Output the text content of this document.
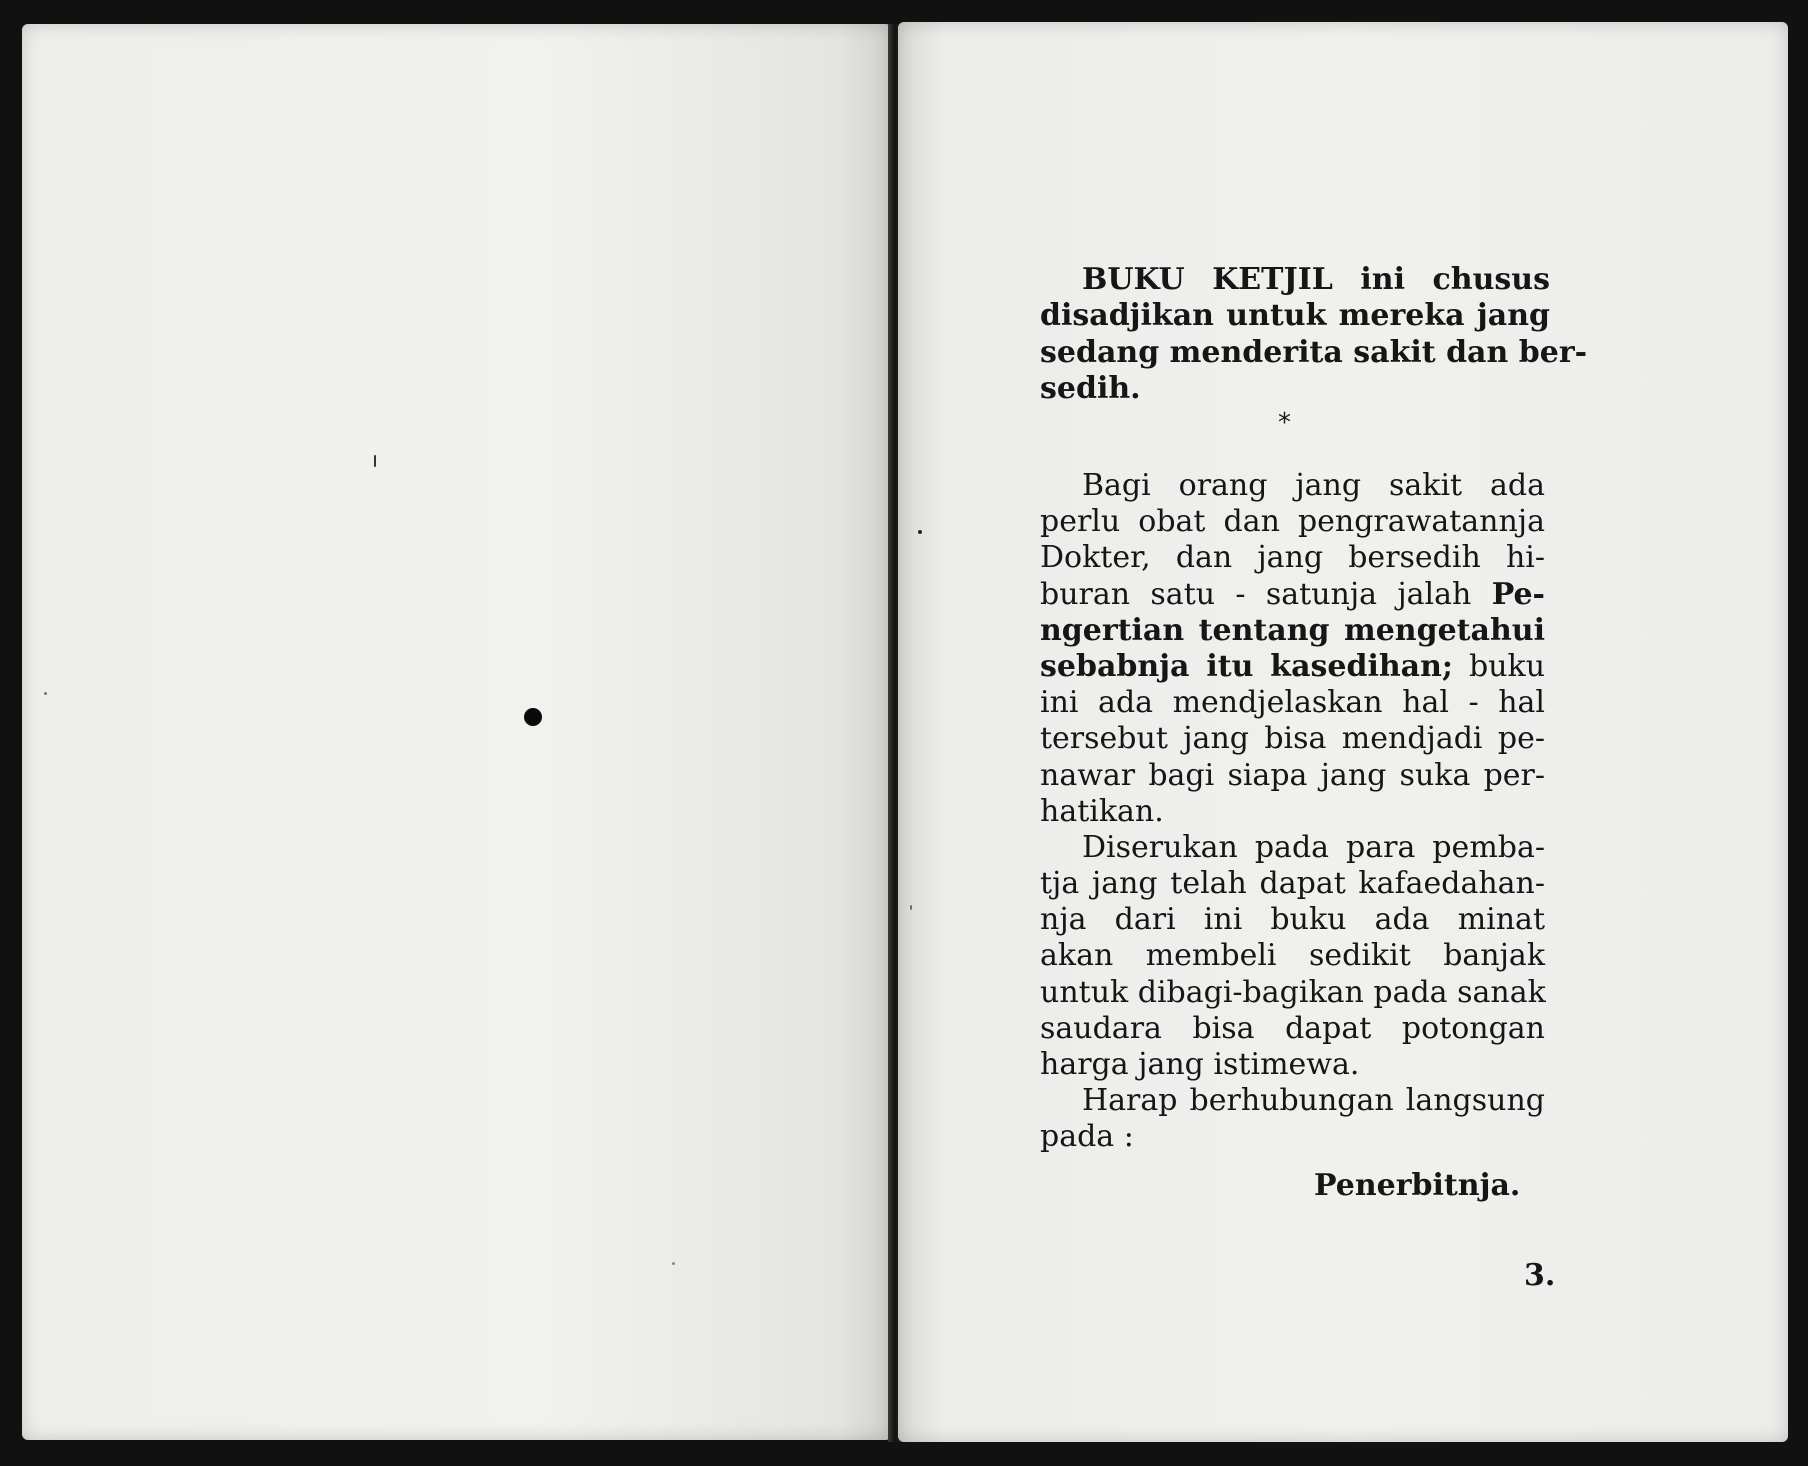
BUKU KETJIL ini chusus
disadjikan untuk mereka jang
sedang menderita sakit dan ber-
sedih.
*
Bagi orang jang sakit ada
perlu obat dan pengrawatannja
Dokter, dan jang bersedih hi-
buran satu - satunja jalah Pe-
ngertian tentang mengetahui
sebabnja itu kasedihan; buku
ini ada mendjelaskan hal - hal
tersebut jang bisa mendjadi pe-
nawar bagi siapa jang suka per-
hatikan.
Diserukan pada para pemba-
tja jang telah dapat kafaedahan-
nja dari ini buku ada minat
akan membeli sedikit banjak
untuk dibagi-bagikan pada sanak
saudara bisa dapat potongan
harga jang istimewa.
Harap berhubungan langsung
pada :
Penerbitnja.
3.
